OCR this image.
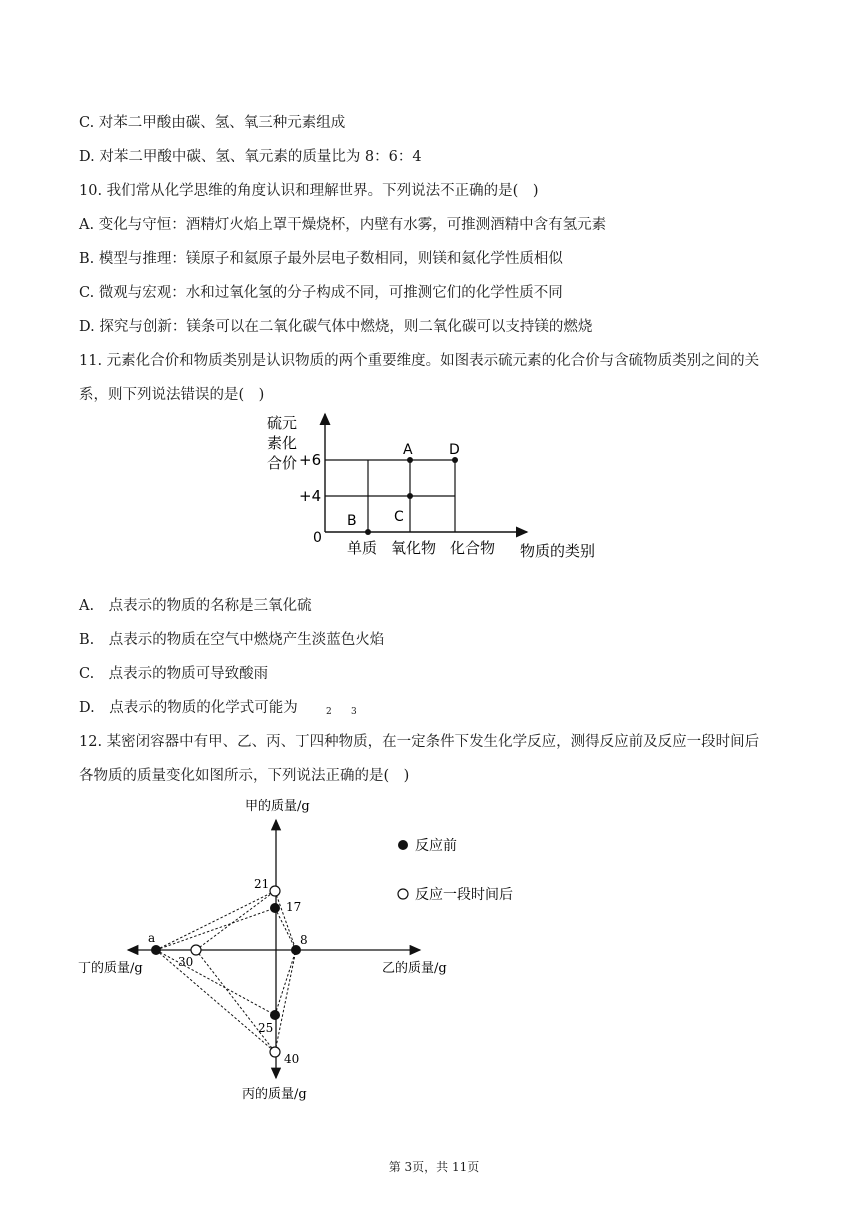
C. 对苯二甲酸由碳、氢、氧三种元素组成
D. 对苯二甲酸中碳、氢、氧元素的质量比为 8：6：4
10. 我们常从化学思维的角度认识和理解世界。下列说法不正确的是(　)
A. 变化与守恒：酒精灯火焰上罩干燥烧杯，内壁有水雾，可推测酒精中含有氢元素
B. 模型与推理：镁原子和氦原子最外层电子数相同，则镁和氦化学性质相似
C. 微观与宏观：水和过氧化氢的分子构成不同，可推测它们的化学性质不同
D. 探究与创新：镁条可以在二氧化碳气体中燃烧，则二氧化碳可以支持镁的燃烧
11. 元素化合价和物质类别是认识物质的两个重要维度。如图表示硫元素的化合价与含硫物质类别之间的关
系，则下列说法错误的是(　)
硫元
素化
合价 +6
+4
0
A
B	C
D
单质 氧化物 化合物 物质的类别
A.　点表示的物质的名称是三氧化硫
B.　点表示的物质在空气中燃烧产生淡蓝色火焰
C.　点表示的物质可导致酸雨
D.　点表示的物质的化学式可能为	2 3
12. 某密闭容器中有甲、乙、丙、丁四种物质，在一定条件下发生化学反应，测得反应前及反应一段时间后
各物质的质量变化如图所示，下列说法正确的是(　)
甲的质量/g
乙的质量/g
丙的质量/g
丁的质量/g
21
17
8
a
30
25
40
反应前
反应一段时间后
第 3页，共 11页
